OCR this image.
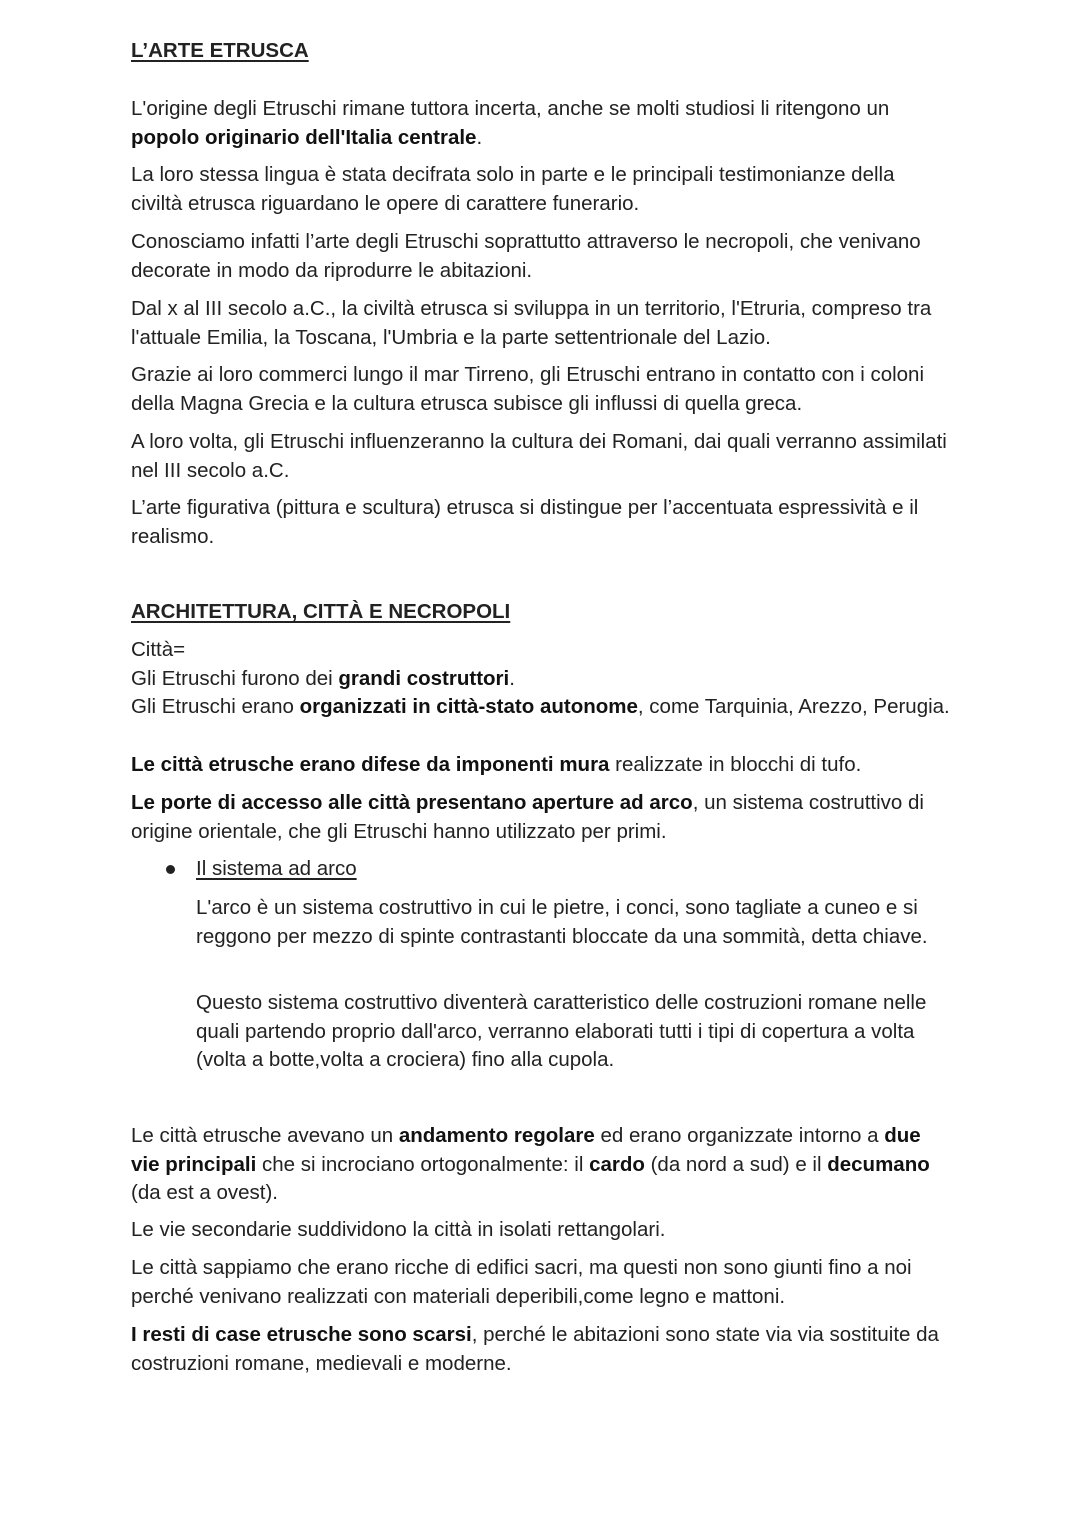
L’ARTE ETRUSCA

L'origine degli Etruschi rimane tuttora incerta, anche se molti studiosi li ritengono un popolo originario dell'Italia centrale.

La loro stessa lingua è stata decifrata solo in parte e le principali testimonianze della civiltà etrusca riguardano le opere di carattere funerario.

Conosciamo infatti l’arte degli Etruschi soprattutto attraverso le necropoli, che venivano decorate in modo da riprodurre le abitazioni.

Dal x al III secolo a.C., la civiltà etrusca si sviluppa in un territorio, l'Etruria, compreso tra l'attuale Emilia, la Toscana, l'Umbria e la parte settentrionale del Lazio.

Grazie ai loro commerci lungo il mar Tirreno, gli Etruschi entrano in contatto con i coloni della Magna Grecia e la cultura etrusca subisce gli influssi di quella greca.

A loro volta, gli Etruschi influenzeranno la cultura dei Romani, dai quali verranno assimilati nel III secolo a.C.

L’arte figurativa (pittura e scultura) etrusca si distingue per l’accentuata espressività e il realismo.

ARCHITETTURA, CITTÀ E NECROPOLI

Città=

Gli Etruschi furono dei grandi costruttori.

Gli Etruschi erano organizzati in città-stato autonome, come Tarquinia, Arezzo, Perugia.

Le città etrusche erano difese da imponenti mura realizzate in blocchi di tufo.

Le porte di accesso alle città presentano aperture ad arco, un sistema costruttivo di origine orientale, che gli Etruschi hanno utilizzato per primi.

Il sistema ad arco

L'arco è un sistema costruttivo in cui le pietre, i conci, sono tagliate a cuneo e si reggono per mezzo di spinte contrastanti bloccate da una sommità, detta chiave.

Questo sistema costruttivo diventerà caratteristico delle costruzioni romane nelle quali partendo proprio dall'arco, verranno elaborati tutti i tipi di copertura a volta (volta a botte,volta a crociera) fino alla cupola.

Le città etrusche avevano un andamento regolare ed erano organizzate intorno a due vie principali che si incrociano ortogonalmente: il cardo (da nord a sud) e il decumano (da est a ovest).

Le vie secondarie suddividono la città in isolati rettangolari.

Le città sappiamo che erano ricche di edifici sacri, ma questi non sono giunti fino a noi perché venivano realizzati con materiali deperibili,come legno e mattoni.

I resti di case etrusche sono scarsi, perché le abitazioni sono state via via sostituite da costruzioni romane, medievali e moderne.
